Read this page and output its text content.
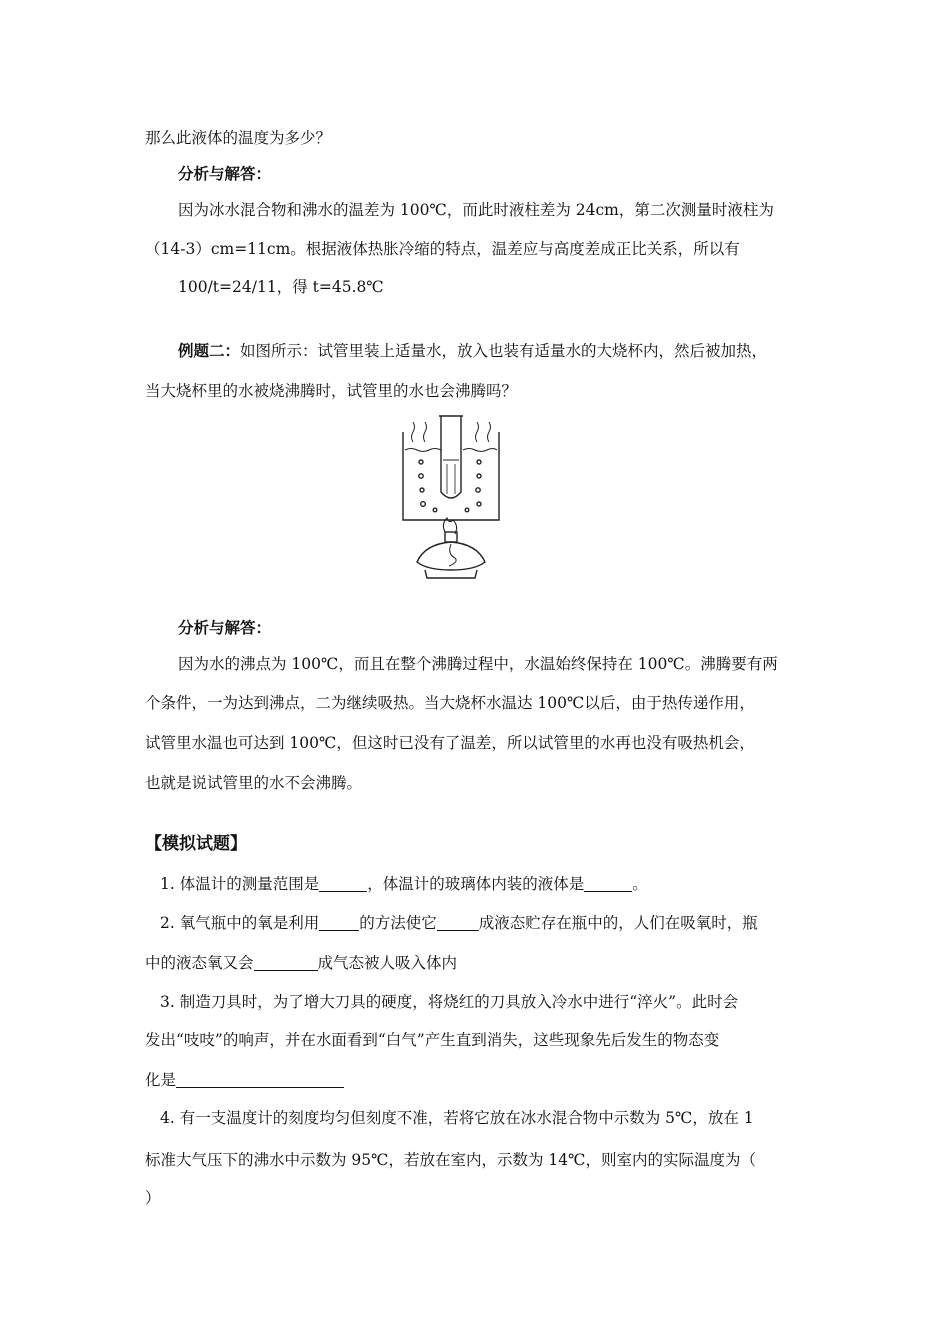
那么此液体的温度为多少？
分析与解答：
因为冰水混合物和沸水的温差为 100℃，而此时液柱差为 24cm，第二次测量时液柱为
（14-3）cm=11cm。根据液体热胀冷缩的特点，温差应与高度差成正比关系，所以有
100/t=24/11，得 t=45.8℃
例题二：如图所示：试管里装上适量水，放入也装有适量水的大烧杯内，然后被加热，
当大烧杯里的水被烧沸腾时，试管里的水也会沸腾吗？
分析与解答：
因为水的沸点为 100℃，而且在整个沸腾过程中，水温始终保持在 100℃。沸腾要有两
个条件，一为达到沸点，二为继续吸热。当大烧杯水温达 100℃以后，由于热传递作用，
试管里水温也可达到 100℃，但这时已没有了温差，所以试管里的水再也没有吸热机会，
也就是说试管里的水不会沸腾。
【模拟试题】
1. 体温计的测量范围是	，体温计的玻璃体内装的液体是	。
2. 氧气瓶中的氧是利用	的方法使它	成液态贮存在瓶中的，人们在吸氧时，瓶
中的液态氧又会	成气态被人吸入体内
3. 制造刀具时，为了增大刀具的硬度，将烧红的刀具放入冷水中进行“淬火”。此时会
发出“吱吱”的响声，并在水面看到“白气”产生直到消失，这些现象先后发生的物态变
化是
4. 有一支温度计的刻度均匀但刻度不准，若将它放在冰水混合物中示数为 5℃，放在 1
标准大气压下的沸水中示数为 95℃，若放在室内，示数为 14℃，则室内的实际温度为（
）
